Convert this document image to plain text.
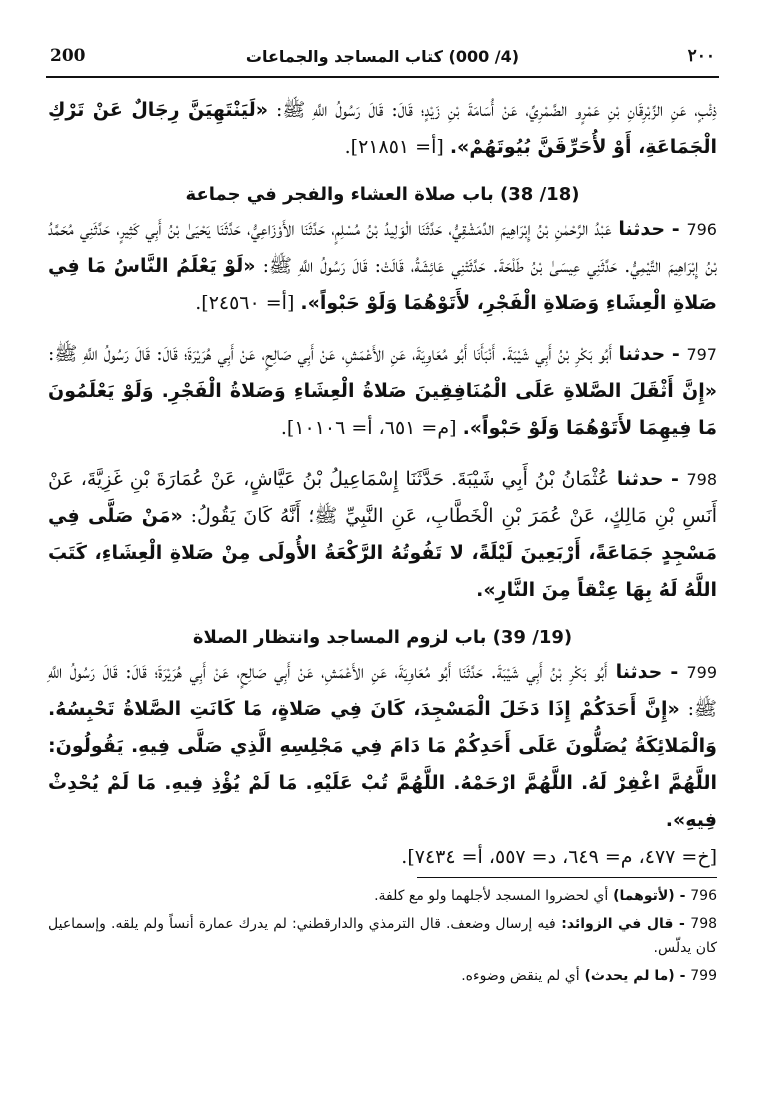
200	(4/ 000) كتاب المساجد والجماعات	٢٠٠

ذِئْبٍ، عَنِ الزِّبْرِقَانِ بْنِ عَمْرٍو الضَّمْرِيِّ، عَنْ أُسَامَةَ بْنِ زَيْدٍ؛ قَالَ: قَالَ رَسُولُ اللَّهِ ﷺ: «لَيَنْتَهِيَنَّ رِجَالٌ عَنْ تَرْكِ الْجَمَاعَةِ، أَوْ لأُحَرِّقَنَّ بُيُوتَهُمْ». [أ= ٢١٨٥١].

(18/ 38) باب صلاة العشاء والفجر في جماعة

796 - حدثنا عَبْدُ الرَّحْمٰنِ بْنُ إِبْرَاهِيمَ الدِّمَشْقِيُّ، حَدَّثَنَا الْوَلِيدُ بْنُ مُسْلِمٍ، حَدَّثَنَا الأَوْزَاعِيُّ، حَدَّثَنَا يَحْيَىٰ بْنُ أَبِي كَثِيرٍ، حَدَّثَنِي مُحَمَّدُ بْنُ إِبْرَاهِيمَ التَّيْمِيُّ. حَدَّثَنِي عِيسَىٰ بْنُ طَلْحَةَ. حَدَّثَتْنِي عَائِشَةُ، قَالَتْ: قَالَ رَسُولُ اللَّهِ ﷺ: «لَوْ يَعْلَمُ النَّاسُ مَا فِي صَلاةِ الْعِشَاءِ وَصَلاةِ الْفَجْرِ، لأَتَوْهُمَا وَلَوْ حَبْواً». [أ= ٢٤٥٦٠].

797 - حدثنا أَبُو بَكْرِ بْنُ أَبِي شَيْبَةَ. أَنْبَأَنَا أَبُو مُعَاوِيَةَ، عَنِ الأَعْمَشِ، عَنْ أَبِي صَالِحٍ، عَنْ أَبِي هُرَيْرَةَ؛ قَالَ: قَالَ رَسُولُ اللَّهِ ﷺ: «إِنَّ أَثْقَلَ الصَّلاةِ عَلَى الْمُنَافِقِينَ صَلاةُ الْعِشَاءِ وَصَلاةُ الْفَجْرِ. وَلَوْ يَعْلَمُونَ مَا فِيهِمَا لأَتَوْهُمَا وَلَوْ حَبْواً». [م= ٦٥١، أ= ١٠١٠٦].

798 - حدثنا عُثْمَانُ بْنُ أَبِي شَيْبَةَ. حَدَّثَنَا إِسْمَاعِيلُ بْنُ عَيَّاشٍ، عَنْ عُمَارَةَ بْنِ غَزِيَّةَ، عَنْ أَنَسِ بْنِ مَالِكٍ، عَنْ عُمَرَ بْنِ الْخَطَّابِ، عَنِ النَّبِيِّ ﷺ؛ أَنَّهُ كَانَ يَقُولُ: «مَنْ صَلَّى فِي مَسْجِدٍ جَمَاعَةً، أَرْبَعِينَ لَيْلَةً، لا تَفُوتُهُ الرَّكْعَةُ الأُولَى مِنْ صَلاةِ الْعِشَاءِ، كَتَبَ اللَّهُ لَهُ بِهَا عِتْقاً مِنَ النَّارِ».

(19/ 39) باب لزوم المساجد وانتظار الصلاة

799 - حدثنا أَبُو بَكْرِ بْنُ أَبِي شَيْبَةَ. حَدَّثَنَا أَبُو مُعَاوِيَةَ، عَنِ الأَعْمَشِ، عَنْ أَبِي صَالِحٍ، عَنْ أَبِي هُرَيْرَةَ؛ قَالَ: قَالَ رَسُولُ اللَّهِ ﷺ: «إِنَّ أَحَدَكُمْ إِذَا دَخَلَ الْمَسْجِدَ، كَانَ فِي صَلاةٍ، مَا كَانَتِ الصَّلاةُ تَحْبِسُهُ. وَالْمَلائِكَةُ يُصَلُّونَ عَلَى أَحَدِكُمْ مَا دَامَ فِي مَجْلِسِهِ الَّذِي صَلَّى فِيهِ. يَقُولُونَ: اللَّهُمَّ اغْفِرْ لَهُ. اللَّهُمَّ ارْحَمْهُ. اللَّهُمَّ تُبْ عَلَيْهِ. مَا لَمْ يُؤْذِ فِيهِ. مَا لَمْ يُحْدِثْ فِيهِ».
[خ= ٤٧٧، م= ٦٤٩، د= ٥٥٧، أ= ٧٤٣٤].

796 - (لأتوهما) أي لحضروا المسجد لأجلهما ولو مع كلفة.

798 - قال في الزوائد: فيه إرسال وضعف. قال الترمذي والدارقطني: لم يدرك عمارة أنساً ولم يلقه. وإسماعيل كان يدلّس.

799 - (ما لم يحدث) أي لم ينقض وضوءه.
